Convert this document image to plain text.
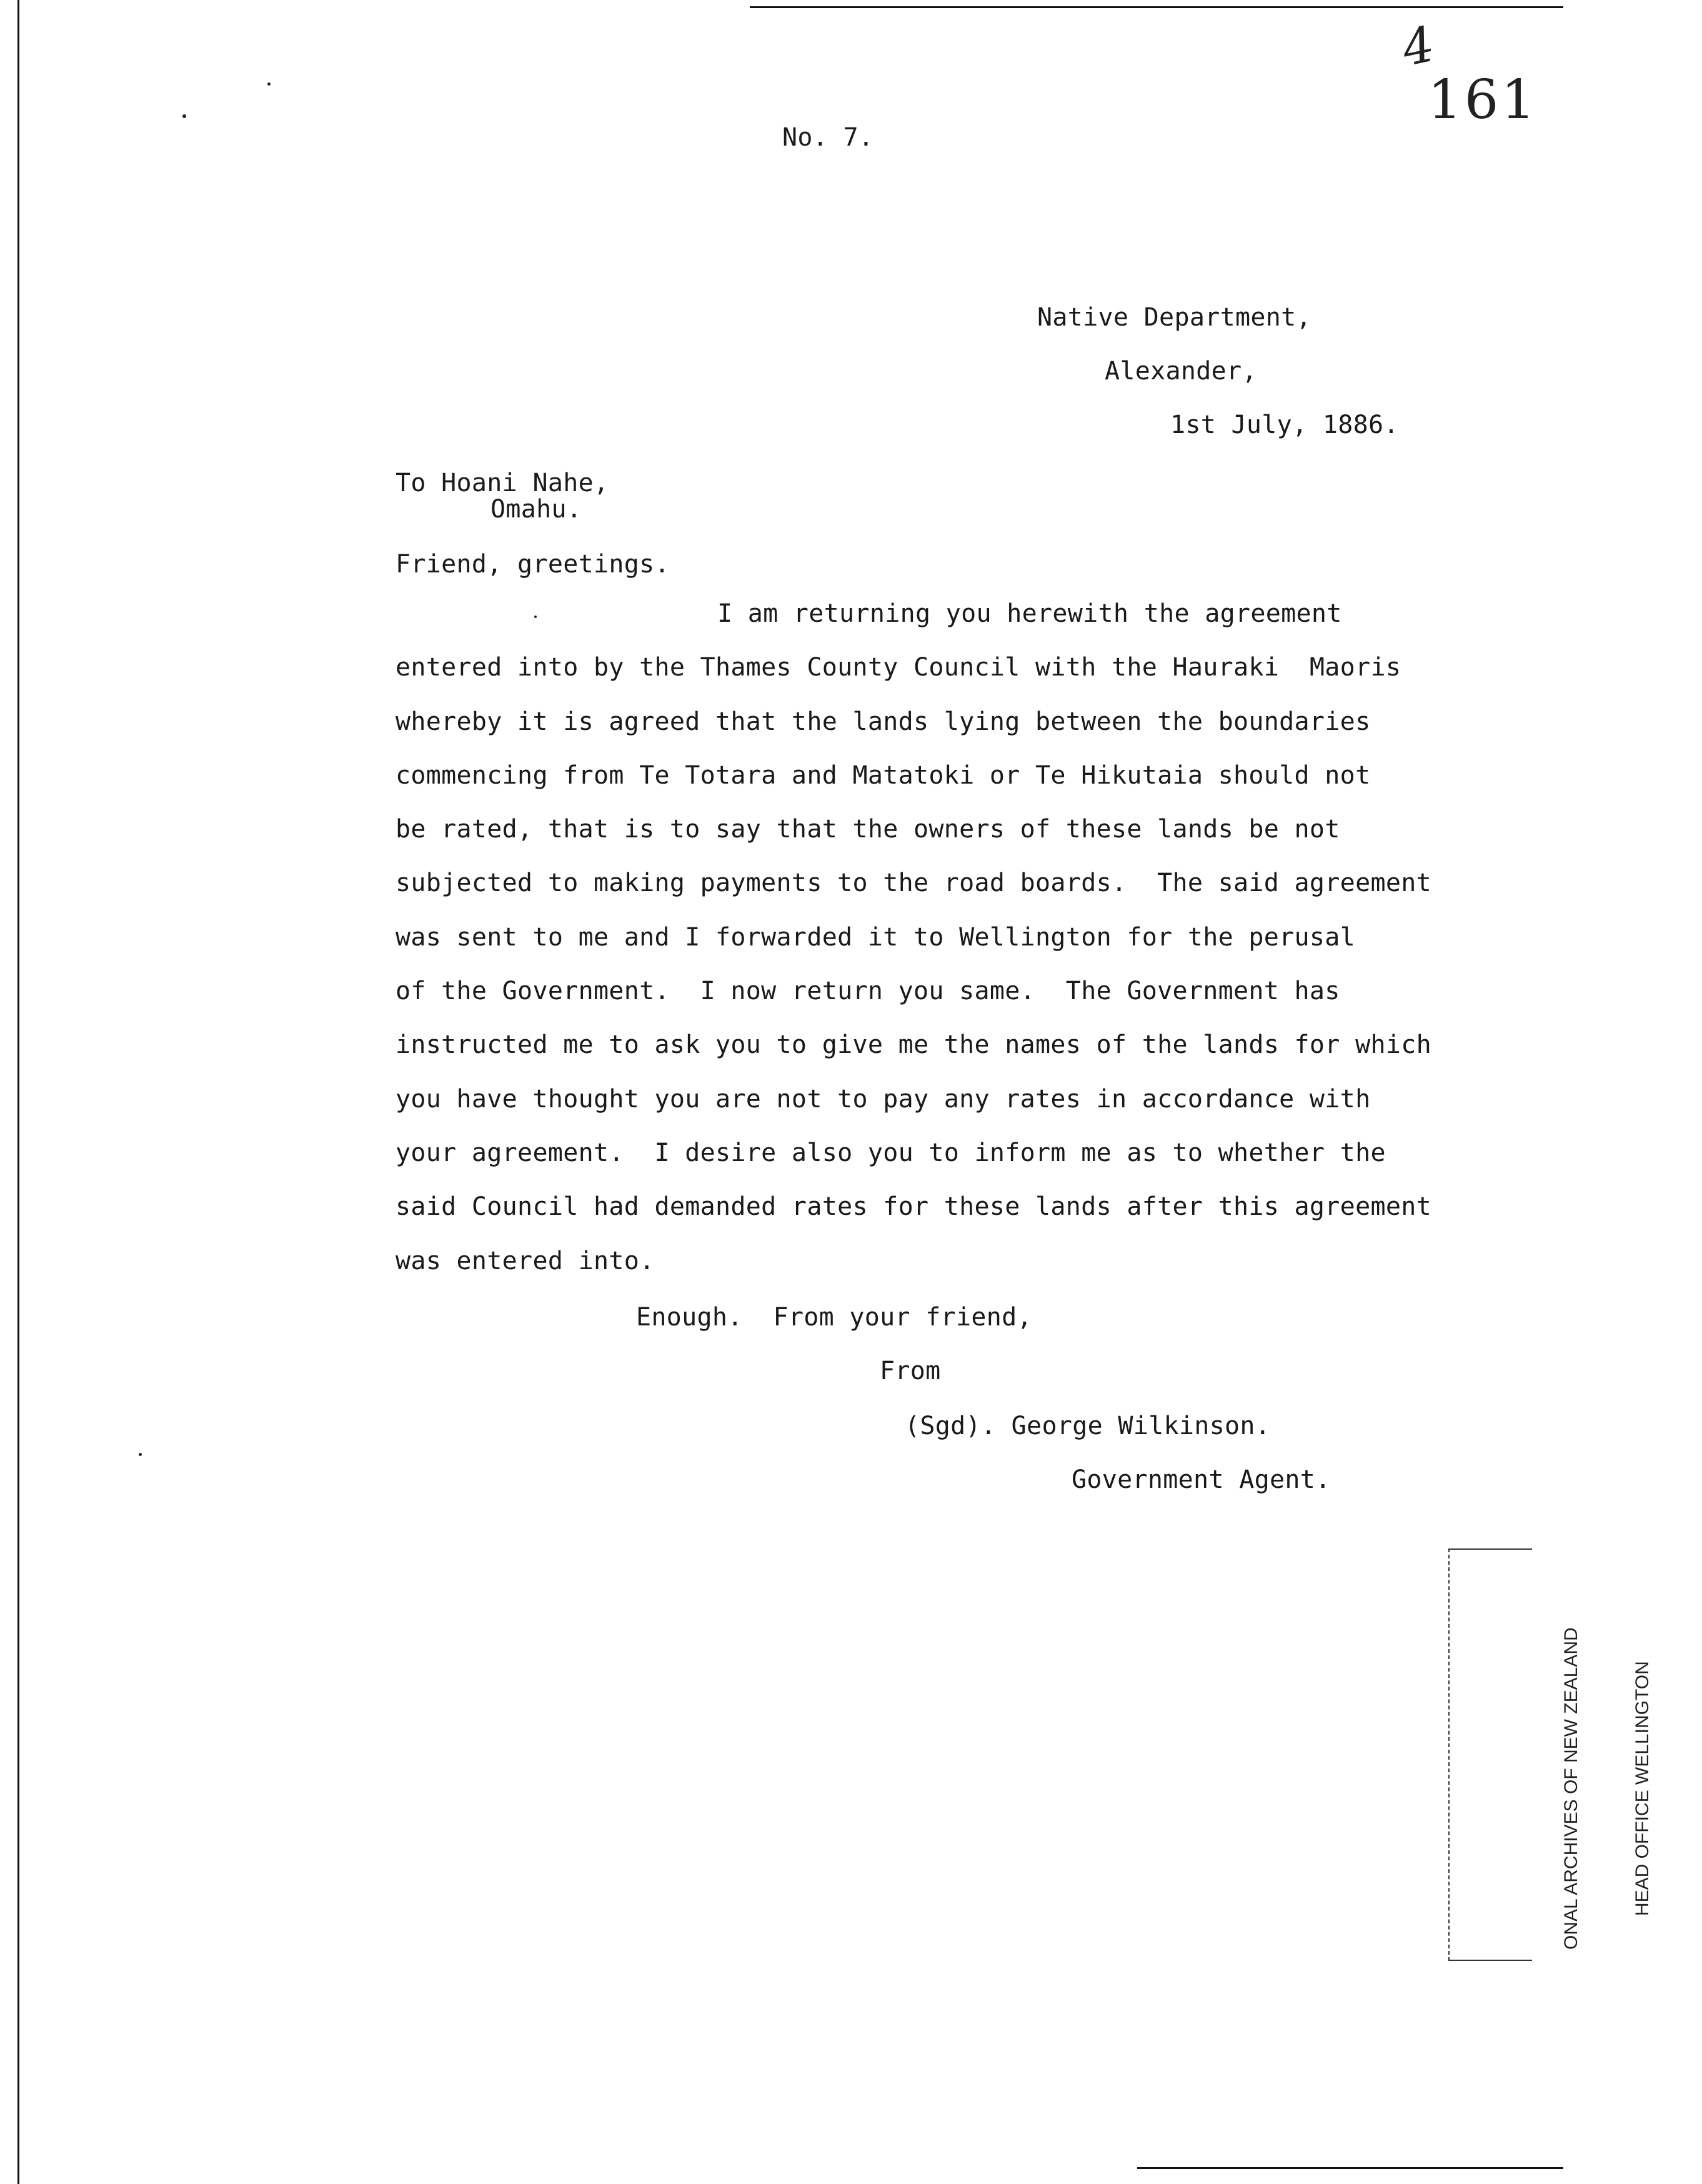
4
161
No. 7.
Native Department,
Alexander,
1st July, 1886.
To Hoani Nahe,
Omahu.
Friend, greetings.
I am returning you herewith the agreement
entered into by the Thames County Council with the Hauraki  Maoris
whereby it is agreed that the lands lying between the boundaries
commencing from Te Totara and Matatoki or Te Hikutaia should not
be rated, that is to say that the owners of these lands be not
subjected to making payments to the road boards.  The said agreement
was sent to me and I forwarded it to Wellington for the perusal
of the Government.  I now return you same.  The Government has
instructed me to ask you to give me the names of the lands for which
you have thought you are not to pay any rates in accordance with
your agreement.  I desire also you to inform me as to whether the
said Council had demanded rates for these lands after this agreement
was entered into.
Enough.  From your friend,
From
(Sgd). George Wilkinson.
Government Agent.

ONAL ARCHIVES OF NEW ZEALAND

	HEAD OFFICE WELLINGTON
